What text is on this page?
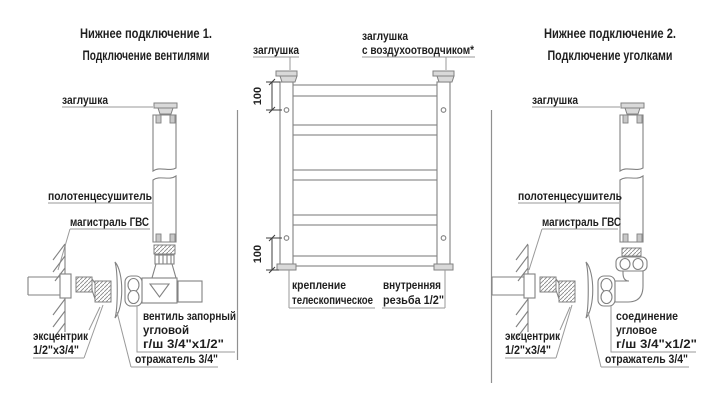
Нижнее подключение 1.
Подключение вентилями
заглушка
полотенцесушитель
магистраль ГВС
эксцентрик
1/2"x3/4"
вентиль запорный
угловой
г/ш 3/4"x1/2"
отражатель 3/4"
заглушка
заглушка
с воздухоотводчиком*
100
100
крепление
телескопическое
внутренняя
резьба 1/2"
Нижнее подключение 2.
Подключение уголками
заглушка
полотенцесушитель
магистраль ГВС
эксцентрик
1/2"x3/4"
соединение
угловое
г/ш 3/4"x1/2"
отражатель 3/4"
